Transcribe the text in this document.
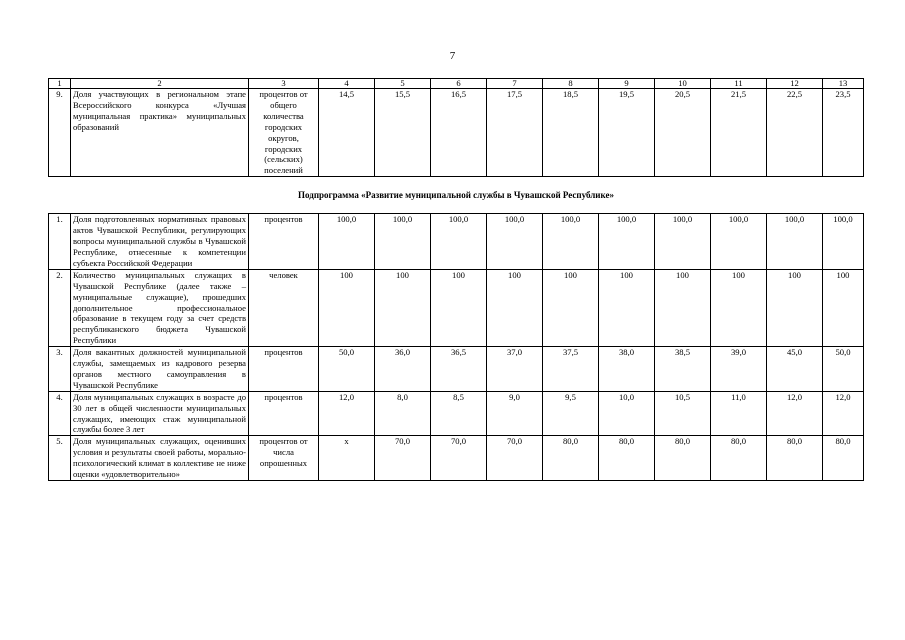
7
1	2	3	4	5	6	7	8	9	10	11	12	13
9.	Доля участвующих в региональном этапе Всероссийского конкурса «Лучшая муниципальная практика» муниципальных образований	процентов от общего количества городских округов, городских (сельских) поселений	14,5	15,5	16,5	17,5	18,5	19,5	20,5	21,5	22,5	23,5
Подпрограмма «Развитие муниципальной службы в Чувашской Республике»												
1.	Доля подготовленных нормативных правовых актов Чувашской Республики, регулирующих вопросы муниципальной службы в Чувашской Республике, отнесенные к компетенции субъекта Российской Федерации	процентов	100,0	100,0	100,0	100,0	100,0	100,0	100,0	100,0	100,0	100,0
2.	Количество муниципальных служащих в Чувашской Республике (далее также – муниципальные служащие), прошедших дополнительное профессиональное образование в текущем году за счет средств республиканского бюджета Чувашской Республики	человек	100	100	100	100	100	100	100	100	100	100
3.	Доля вакантных должностей муниципальной службы, замещаемых из кадрового резерва органов местного самоуправления в Чувашской Республике	процентов	50,0	36,0	36,5	37,0	37,5	38,0	38,5	39,0	45,0	50,0
4.	Доля муниципальных служащих в возрасте до 30 лет в общей численности муниципальных служащих, имеющих стаж муниципальной службы более 3 лет	процентов	12,0	8,0	8,5	9,0	9,5	10,0	10,5	11,0	12,0	12,0
5.	Доля муниципальных служащих, оценивших условия и результаты своей работы, морально-психологический климат в коллективе не ниже оценки «удовлетворительно»	процентов от числа опрошенных	x	70,0	70,0	70,0	80,0	80,0	80,0	80,0	80,0	80,0
